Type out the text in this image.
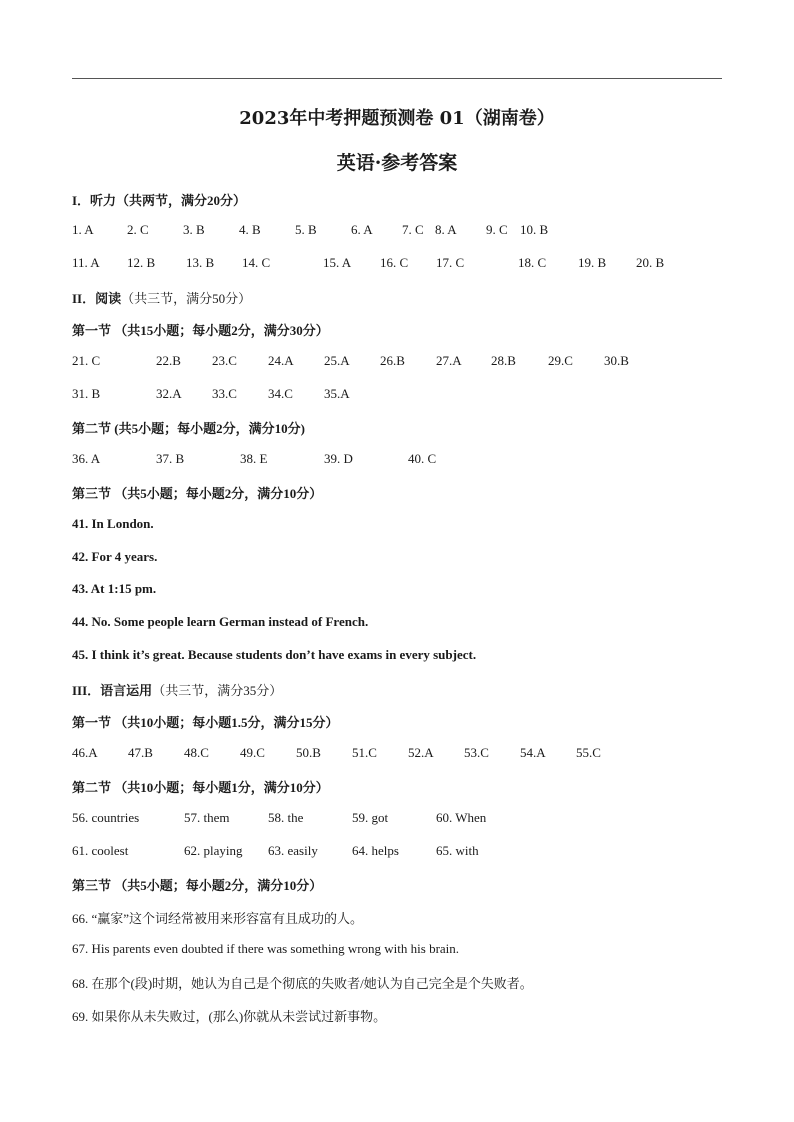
2023年中考押题预测卷 01（湖南卷）
英语·参考答案
I．听力（共两节，满分20分）
1. A	2. C	3. B	4. B	5. B	6. A 7. C 8. A 9. C 10. B
11. A 12. B 13. B 14. C	15. A 16. C 17. C	18. C 19. B 20. B
II．阅读（共三节，满分50分）
第一节 （共15小题；每小题2分，满分30分）
21. C	22.B 23.C 24.A 25.A 26.B 27.A 28.B 29.C 30.B
31. B	32.A 33.C 34.C 35.A
第二节 (共5小题；每小题2分，满分10分)
36. A	37. B	38. E	39. D	40. C
第三节 （共5小题；每小题2分，满分10分）
41. In London.
42. For 4 years.
43. At 1:15 pm.
44. No. Some people learn German instead of French.
45. I think it’s great. Because students don’t have exams in every subject.
III．语言运用（共三节，满分35分）
第一节 （共10小题；每小题1.5分，满分15分）
46.A 47.B 48.C 49.C 50.B 51.C 52.A 53.C 54.A 55.C
第二节 （共10小题；每小题1分，满分10分）
56. countries	57. them	58. the	59. got	60. When
61. coolest	62. playing 63. easily	64. helps	65. with
第三节 （共5小题；每小题2分，满分10分）
66. “赢家”这个词经常被用来形容富有且成功的人。
67. His parents even doubted if there was something wrong with his brain.
68. 在那个(段)时期，她认为自己是个彻底的失败者/她认为自己完全是个失败者。
69. 如果你从未失败过，(那么)你就从未尝试过新事物。
